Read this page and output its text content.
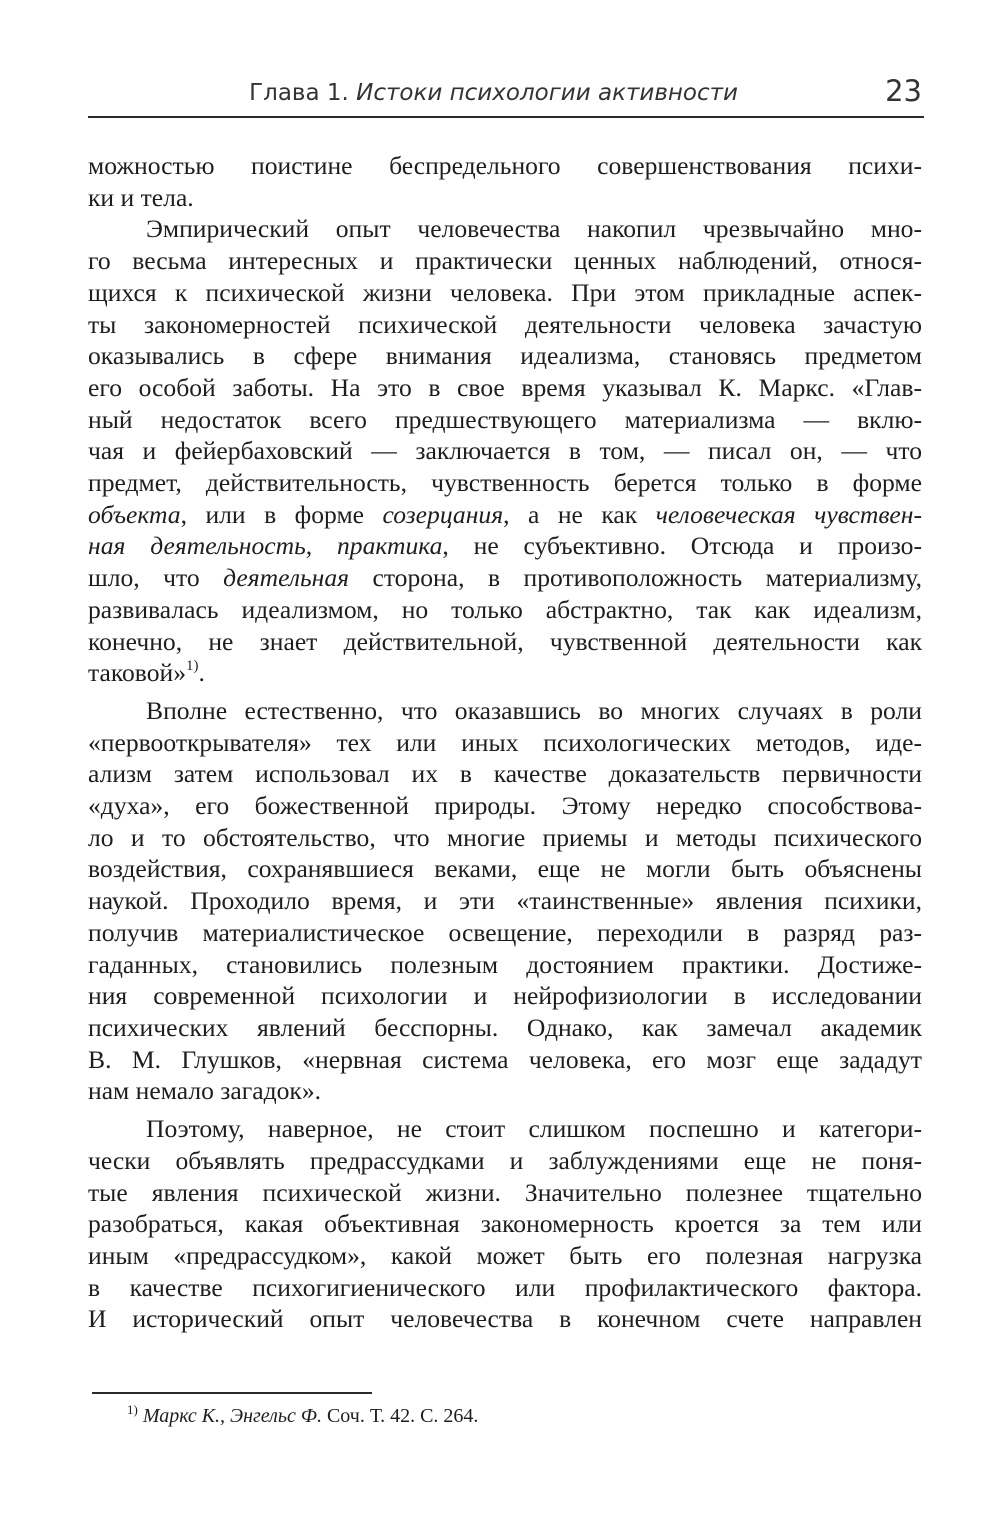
Глава 1. Истоки психологии активности	23
можностью поистине беспредельного совершенствования психи-
ки и тела.
Эмпирический опыт человечества накопил чрезвычайно мно-
го весьма интересных и практически ценных наблюдений, относя-
щихся к психической жизни человека. При этом прикладные аспек-
ты закономерностей психической деятельности человека зачастую
оказывались в сфере внимания идеализма, становясь предметом
его особой заботы. На это в свое время указывал К. Маркс. «Глав-
ный недостаток всего предшествующего материализма — вклю-
чая и фейербаховский — заключается в том, — писал он, — что
предмет, действительность, чувственность берется только в форме
объекта, или в форме созерцания, а не как человеческая чувствен-
ная деятельность, практика, не субъективно. Отсюда и произо-
шло, что деятельная сторона, в противоположность материализму,
развивалась идеализмом, но только абстрактно, так как идеализм,
конечно, не знает действительной, чувственной деятельности как
таковой»$^{1)}$.
Вполне естественно, что оказавшись во многих случаях в роли
«первооткрывателя» тех или иных психологических методов, иде-
ализм затем использовал их в качестве доказательств первичности
«духа», его божественной природы. Этому нередко способствова-
ло и то обстоятельство, что многие приемы и методы психического
воздействия, сохранявшиеся веками, еще не могли быть объяснены
наукой. Проходило время, и эти «таинственные» явления психики,
получив материалистическое освещение, переходили в разряд раз-
гаданных, становились полезным достоянием практики. Достиже-
ния современной психологии и нейрофизиологии в исследовании
психических явлений бесспорны. Однако, как замечал академик
В. М. Глушков, «нервная система человека, его мозг еще зададут
нам немало загадок».
Поэтому, наверное, не стоит слишком поспешно и категори-
чески объявлять предрассудками и заблуждениями еще не поня-
тые явления психической жизни. Значительно полезнее тщательно
разобраться, какая объективная закономерность кроется за тем или
иным «предрассудком», какой может быть его полезная нагрузка
в качестве психогигиенического или профилактического фактора.
И исторический опыт человечества в конечном счете направлен
$^{1)}$ Маркс К., Энгельс Ф. Соч. Т. 42. С. 264.
